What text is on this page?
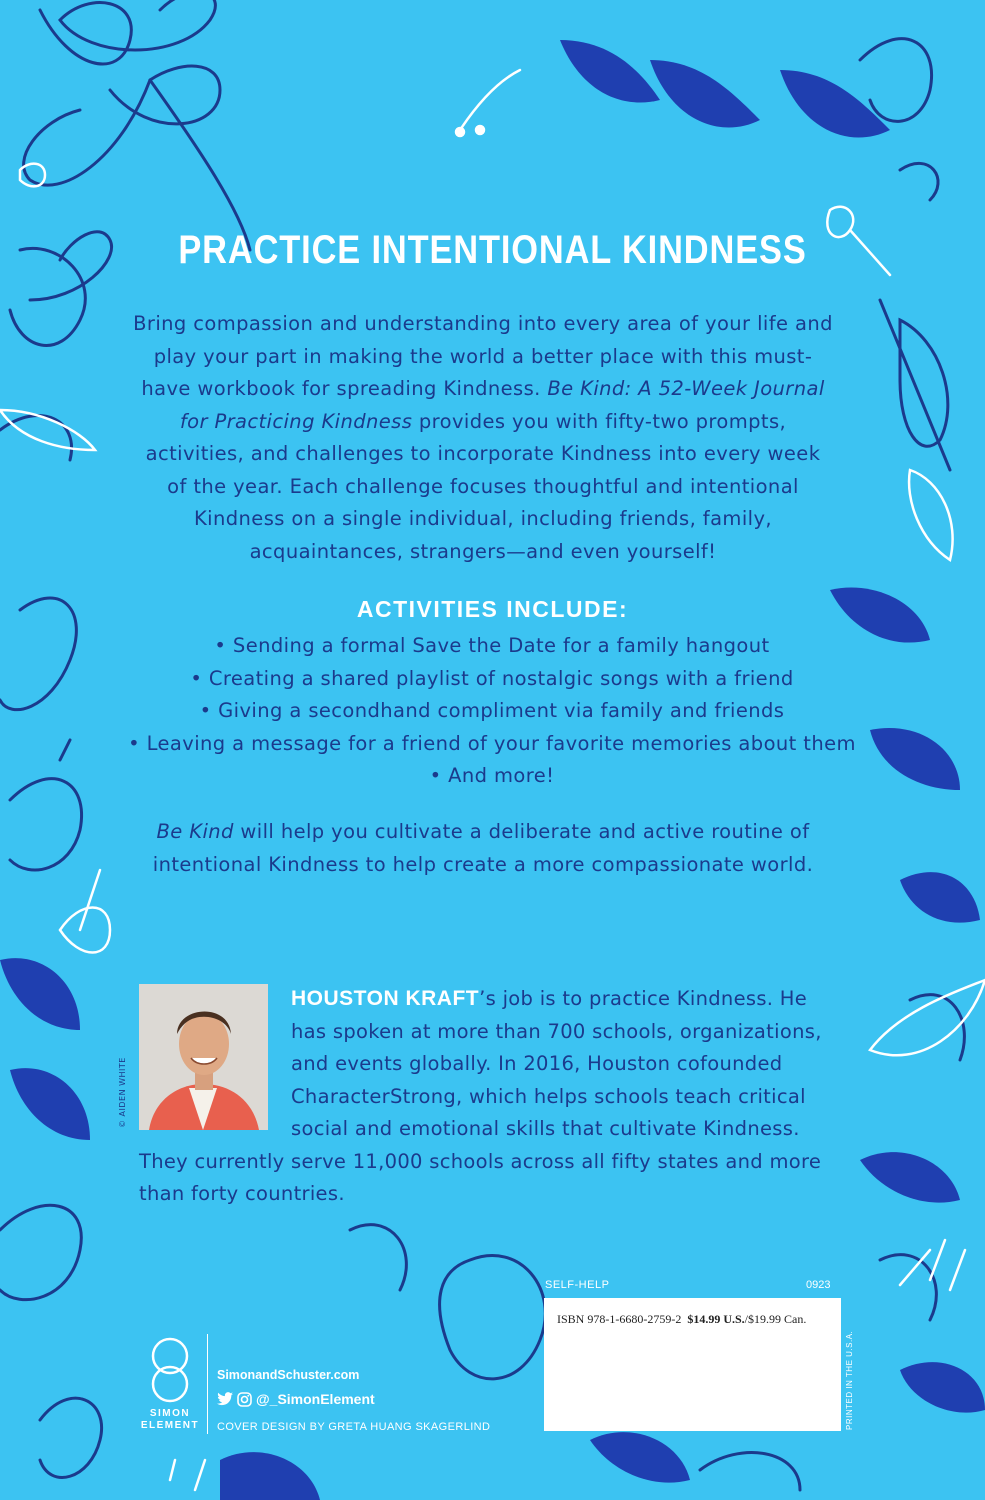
PRACTICE INTENTIONAL KINDNESS

Bring compassion and understanding into every area of your life and play your part in making the world a better place with this must-have workbook for spreading Kindness. Be Kind: A 52-Week Journal for Practicing Kindness provides you with fifty-two prompts, activities, and challenges to incorporate Kindness into every week of the year. Each challenge focuses thoughtful and intentional Kindness on a single individual, including friends, family, acquaintances, strangers—and even yourself!

ACTIVITIES INCLUDE:

• Sending a formal Save the Date for a family hangout

• Creating a shared playlist of nostalgic songs with a friend

• Giving a secondhand compliment via family and friends

• Leaving a message for a friend of your favorite memories about them

• And more!

Be Kind will help you cultivate a deliberate and active routine of intentional Kindness to help create a more compassionate world.

© AIDEN WHITE
HOUSTON KRAFT’s job is to practice Kindness. He has spoken at more than 700 schools, organizations, and events globally. In 2016, Houston cofounded CharacterStrong, which helps schools teach critical social and emotional skills that cultivate Kindness. They currently serve 11,000 schools across all fifty states and more than forty countries.
SELF-HELP	0923
ISBN 978-1-6680-2759-2 $14.99 U.S./$19.99 Can.
PRINTED IN THE U.S.A.
SIMON
ELEMENT
SimonandSchuster.com
@_SimonElement
COVER DESIGN BY GRETA HUANG SKAGERLIND
